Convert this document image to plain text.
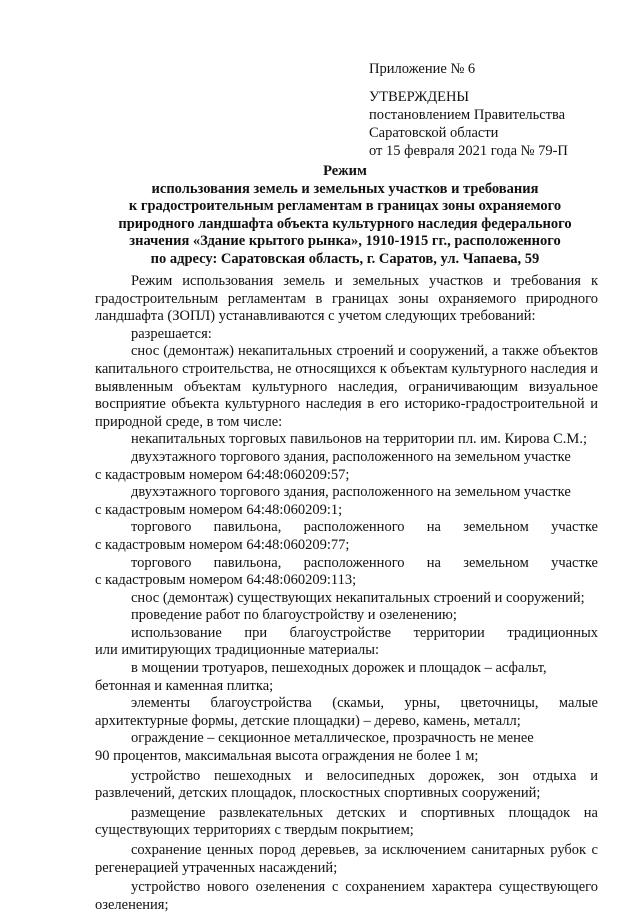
Приложение № 6
УТВЕРЖДЕНЫ
постановлением Правительства
Саратовской области
от 15 февраля 2021 года № 79-П
Режим
использования земель и земельных участков и требования
к градостроительным регламентам в границах зоны охраняемого
природного ландшафта объекта культурного наследия федерального
значения «Здание крытого рынка», 1910-1915 гг., расположенного
по адресу: Саратовская область, г. Саратов, ул. Чапаева, 59
Режим использования земель и земельных участков и требования к градостроительным регламентам в границах зоны охраняемого природного ландшафта (ЗОПЛ) устанавливаются с учетом следующих требований:
разрешается:
снос (демонтаж) некапитальных строений и сооружений, а также объектов капитального строительства, не относящихся к объектам культурного наследия и выявленным объектам культурного наследия, ограничивающим визуальное восприятие объекта культурного наследия в его историко-градостроительной и природной среде, в том числе:
некапитальных торговых павильонов на территории пл. им. Кирова С.М.;
двухэтажного торгового здания, расположенного на земельном участке
с кадастровым номером 64:48:060209:57;
двухэтажного торгового здания, расположенного на земельном участке
с кадастровым номером 64:48:060209:1;
торгового павильона, расположенного на земельном участке
с кадастровым номером 64:48:060209:77;
торгового павильона, расположенного на земельном участке
с кадастровым номером 64:48:060209:113;
снос (демонтаж) существующих некапитальных строений и сооружений;
проведение работ по благоустройству и озеленению;
использование при благоустройстве территории традиционных
или имитирующих традиционные материалы:
в мощении тротуаров, пешеходных дорожек и площадок – асфальт,
бетонная и каменная плитка;
элементы благоустройства (скамьи, урны, цветочницы, малые
архитектурные формы, детские площадки) – дерево, камень, металл;
ограждение – секционное металлическое, прозрачность не менее
90 процентов, максимальная высота ограждения не более 1 м;
устройство пешеходных и велосипедных дорожек, зон отдыха и развлечений, детских площадок, плоскостных спортивных сооружений;
размещение развлекательных детских и спортивных площадок на существующих территориях с твердым покрытием;
сохранение ценных пород деревьев, за исключением санитарных рубок с регенерацией утраченных насаждений;
устройство нового озеленения с сохранением характера существующего озеленения;
